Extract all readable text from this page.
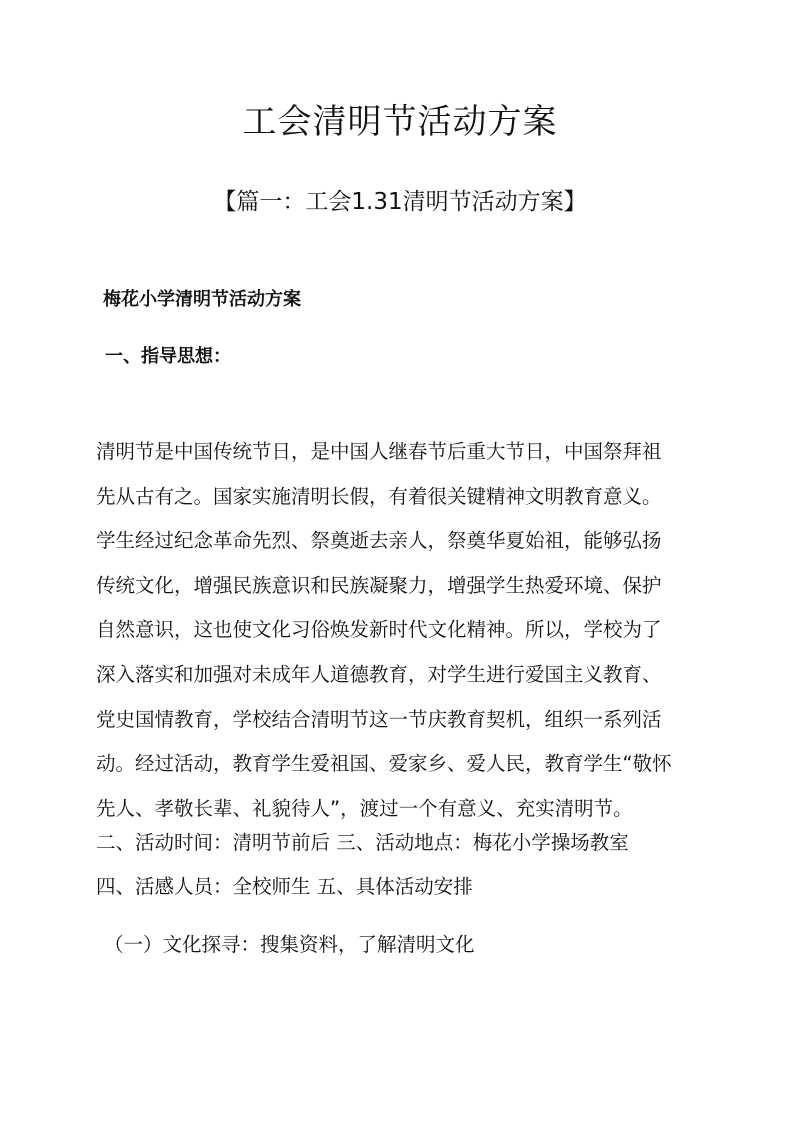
工会清明节活动方案
【篇一：工会1.31清明节活动方案】

梅花小学清明节活动方案

一、指导思想：

清明节是中国传统节日，是中国人继春节后重大节日，中国祭拜祖

先从古有之。国家实施清明长假，有着很关键精神文明教育意义。

学生经过纪念革命先烈、祭奠逝去亲人，祭奠华夏始祖，能够弘扬

传统文化，增强民族意识和民族凝聚力，增强学生热爱环境、保护

自然意识，这也使文化习俗焕发新时代文化精神。所以，学校为了

深入落实和加强对未成年人道德教育，对学生进行爱国主义教育、

党史国情教育，学校结合清明节这一节庆教育契机，组织一系列活

动。经过活动，教育学生爱祖国、爱家乡、爱人民，教育学生“敬怀

先人、孝敬长辈、礼貌待人”，渡过一个有意义、充实清明节。

二、活动时间：清明节前后 三、活动地点：梅花小学操场教室

四、活感人员：全校师生 五、具体活动安排

（一）文化探寻：搜集资料，了解清明文化
